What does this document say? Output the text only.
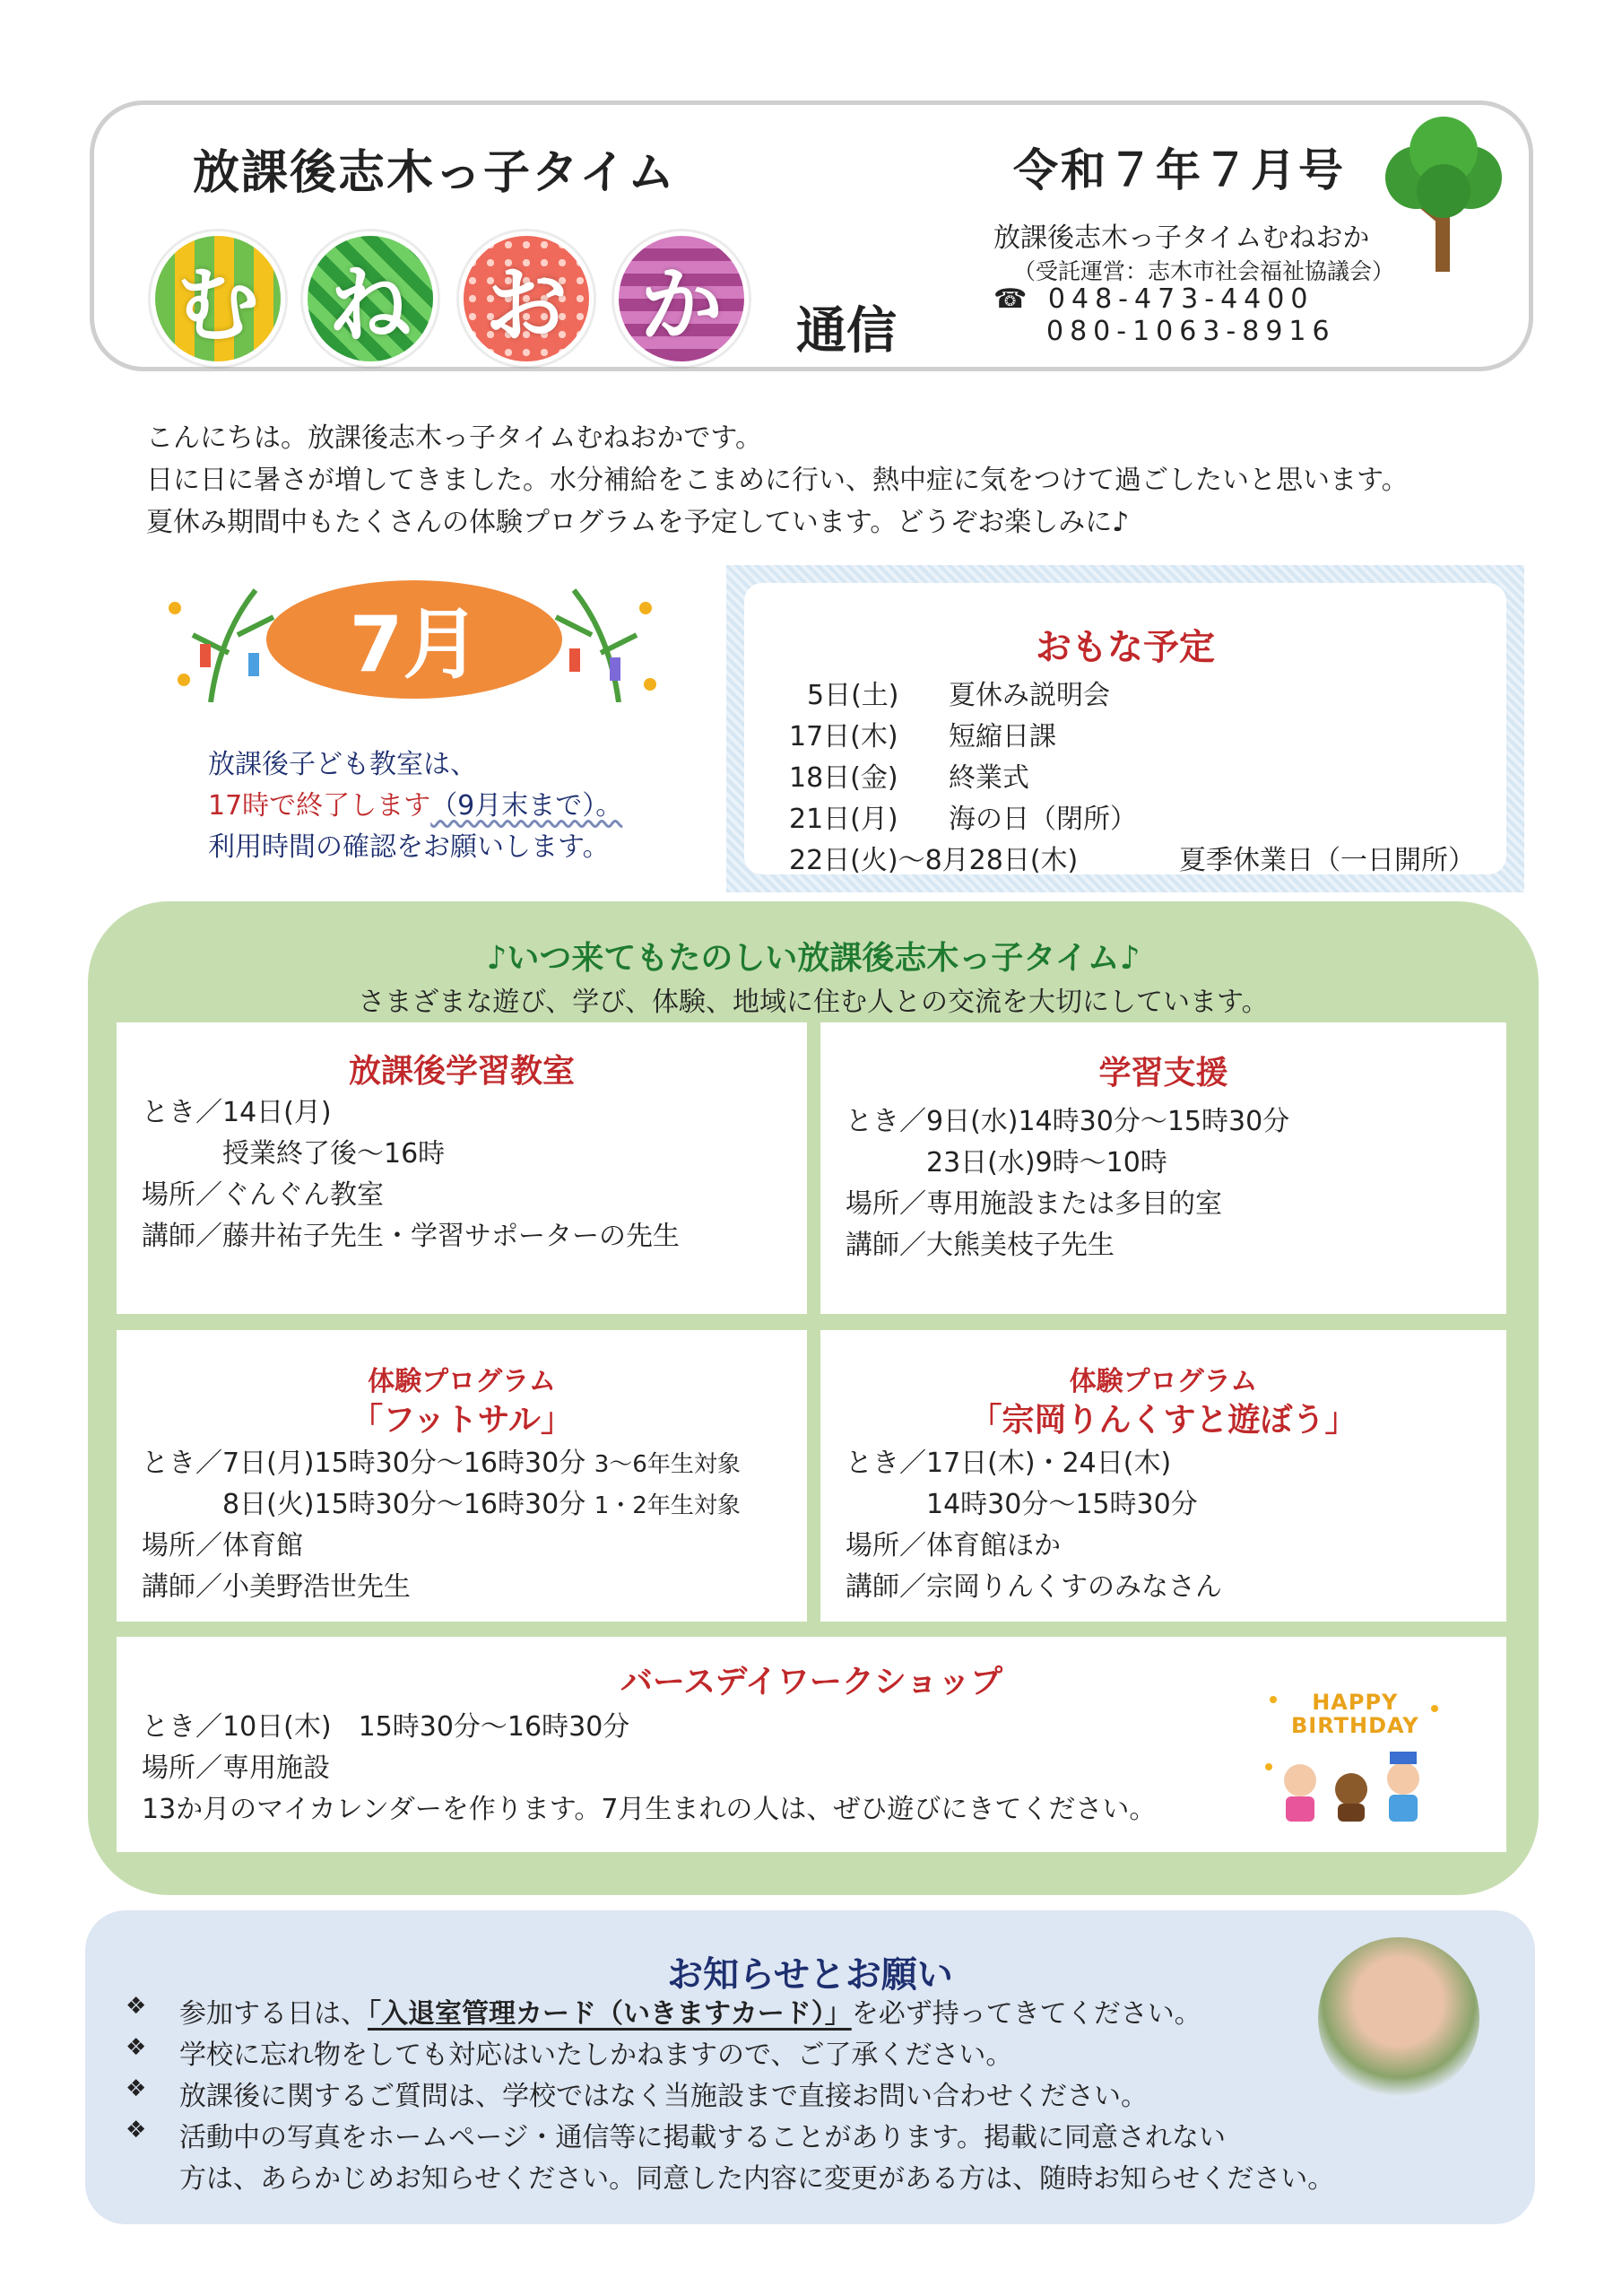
放課後志木っ子タイム
む ね お か	通信
令和７年７月号
放課後志木っ子タイムむねおか
（受託運営：志木市社会福祉協議会）
☎ 048-473-4400
080-1063-8916
こんにちは。放課後志木っ子タイムむねおかです。
日に日に暑さが増してきました。水分補給をこまめに行い、熱中症に気をつけて過ごしたいと思います。
夏休み期間中もたくさんの体験プログラムを予定しています。どうぞお楽しみに♪
7月
放課後子ども教室は、
17時で終了します（9月末まで）。
利用時間の確認をお願いします。
おもな予定
5日(土) 夏休み説明会
17日(木) 短縮日課
18日(金) 終業式
21日(月) 海の日（閉所）
22日(火)～8月28日(木)	夏季休業日（一日開所）
♪いつ来てもたのしい放課後志木っ子タイム♪
さまざまな遊び、学び、体験、地域に住む人との交流を大切にしています。
放課後学習教室
とき／14日(月)
授業終了後～16時
場所／ぐんぐん教室
講師／藤井祐子先生・学習サポーターの先生
学習支援
とき／9日(水)14時30分～15時30分
23日(水)9時～10時
場所／専用施設または多目的室
講師／大熊美枝子先生
体験プログラム
「フットサル」
とき／7日(月)15時30分～16時30分 3～6年生対象
8日(火)15時30分～16時30分 1・2年生対象
場所／体育館
講師／小美野浩世先生
体験プログラム
「宗岡りんくすと遊ぼう」
とき／17日(木)・24日(木)
14時30分～15時30分
場所／体育館ほか
講師／宗岡りんくすのみなさん
バースデイワークショップ
とき／10日(木)　15時30分～16時30分
場所／専用施設
13か月のマイカレンダーを作ります。7月生まれの人は、ぜひ遊びにきてください。
HAPPY
BIRTHDAY
お知らせとお願い
❖ 参加する日は、「入退室管理カード（いきますカード）」を必ず持ってきてください。
❖ 学校に忘れ物をしても対応はいたしかねますので、ご了承ください。
❖ 放課後に関するご質問は、学校ではなく当施設まで直接お問い合わせください。
❖ 活動中の写真をホームページ・通信等に掲載することがあります。掲載に同意されない
方は、あらかじめお知らせください。同意した内容に変更がある方は、随時お知らせください。
